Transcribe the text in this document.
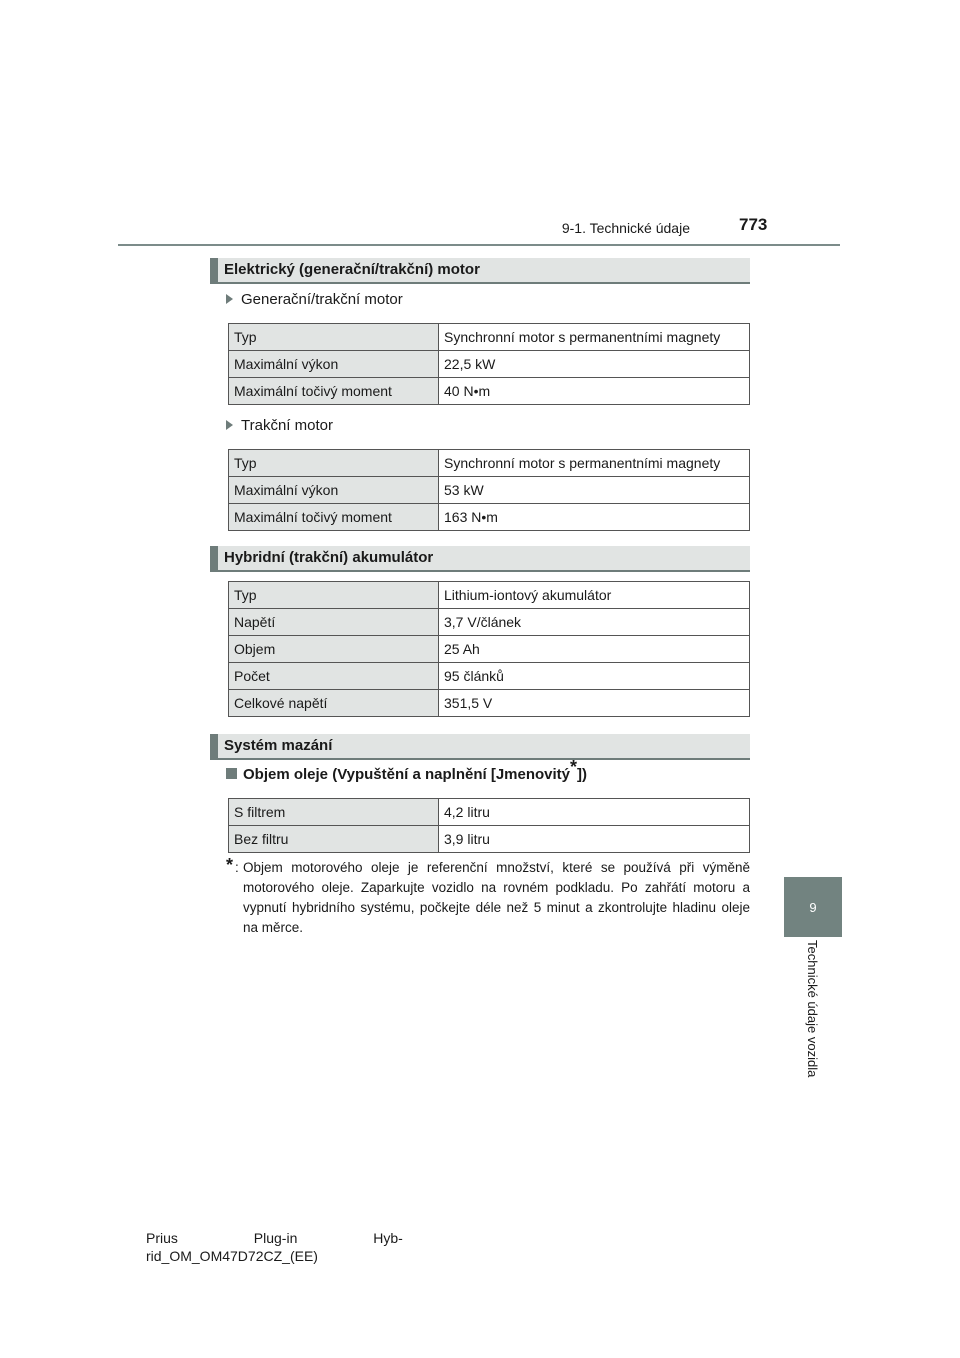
9-1. Technické údaje	773
9
Technické údaje vozidla
Elektrický (generační/trakční) motor
Generační/trakční motor
Typ	Synchronní motor s permanentními magnety
Maximální výkon	22,5 kW
Maximální točivý moment	40 N•m
Trakční motor
Typ	Synchronní motor s permanentními magnety
Maximální výkon	53 kW
Maximální točivý moment	163 N•m
Hybridní (trakční) akumulátor
Typ	Lithium-iontový akumulátor
Napětí	3,7 V/článek
Objem	25 Ah
Počet	95 článků
Celkové napětí	351,5 V
Systém mazání
Objem oleje (Vypuštění a naplnění [Jmenovitý*])
S filtrem	4,2 litru
Bez filtru	3,9 litru
* : Objem motorového oleje je referenční množství, které se používá při výměně motorového oleje. Zaparkujte vozidlo na rovném podkladu. Po zahřátí motoru a vypnutí hybridního systému, počkejte déle než 5 minut a zkontrolujte hladinu oleje na měrce.
Prius Plug-in Hyb-
rid_OM_OM47D72CZ_(EE)
